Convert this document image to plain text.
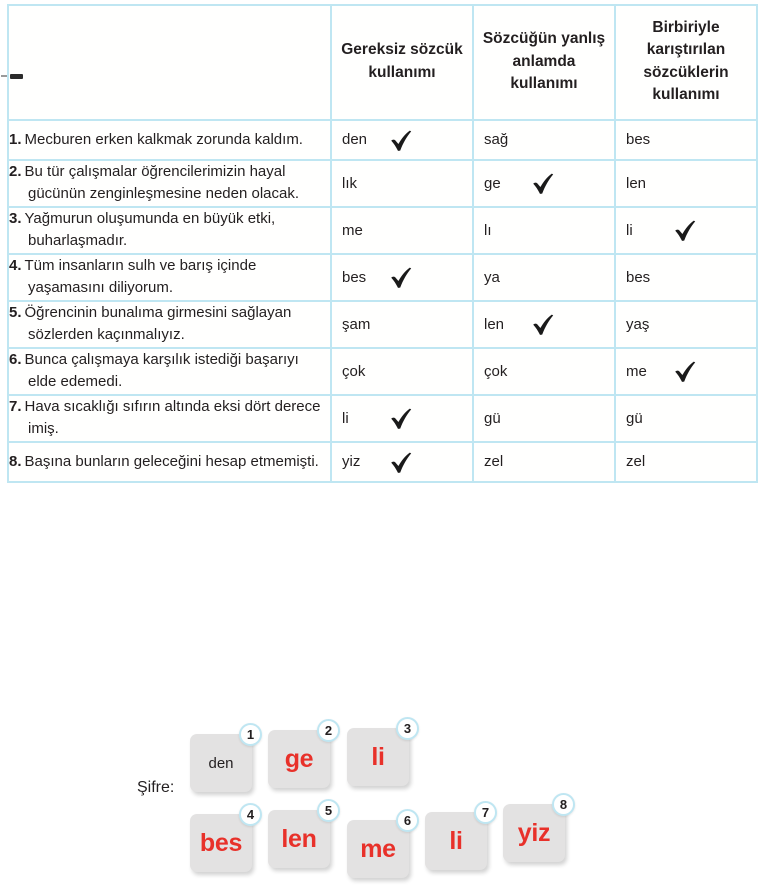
	Gereksiz sözcük kullanımı	Sözcüğün yanlış anlamda kullanımı	Birbiriyle karıştırılan sözcüklerin kullanımı

1. Mecburen erken kalkmak zorunda kaldım.	den	sağ	bes

2. Bu tür çalışmalar öğrencilerimizin hayal gücünün zenginleşmesine neden olacak.	lık	ge	len

3. Yağmurun oluşumunda en büyük etki, buharlaşmadır.	me	lı	li

4. Tüm insanların sulh ve barış içinde yaşamasını diliyorum.	bes	ya	bes

5. Öğrencinin bunalıma girmesini sağlayan sözlerden kaçınmalıyız.	şam	len	yaş

6. Bunca çalışmaya karşılık istediği başarıyı elde edemedi.	çok	çok	me

7. Hava sıcaklığı sıfırın altında eksi dört derece imiş.	li	gü	gü

8. Başına bunların geleceğini hesap etmemişti.	yiz	zel	zel
Şifre:
den
1
ge
2
li
3
bes
4
len
5
me
6
li
7
yiz
8
